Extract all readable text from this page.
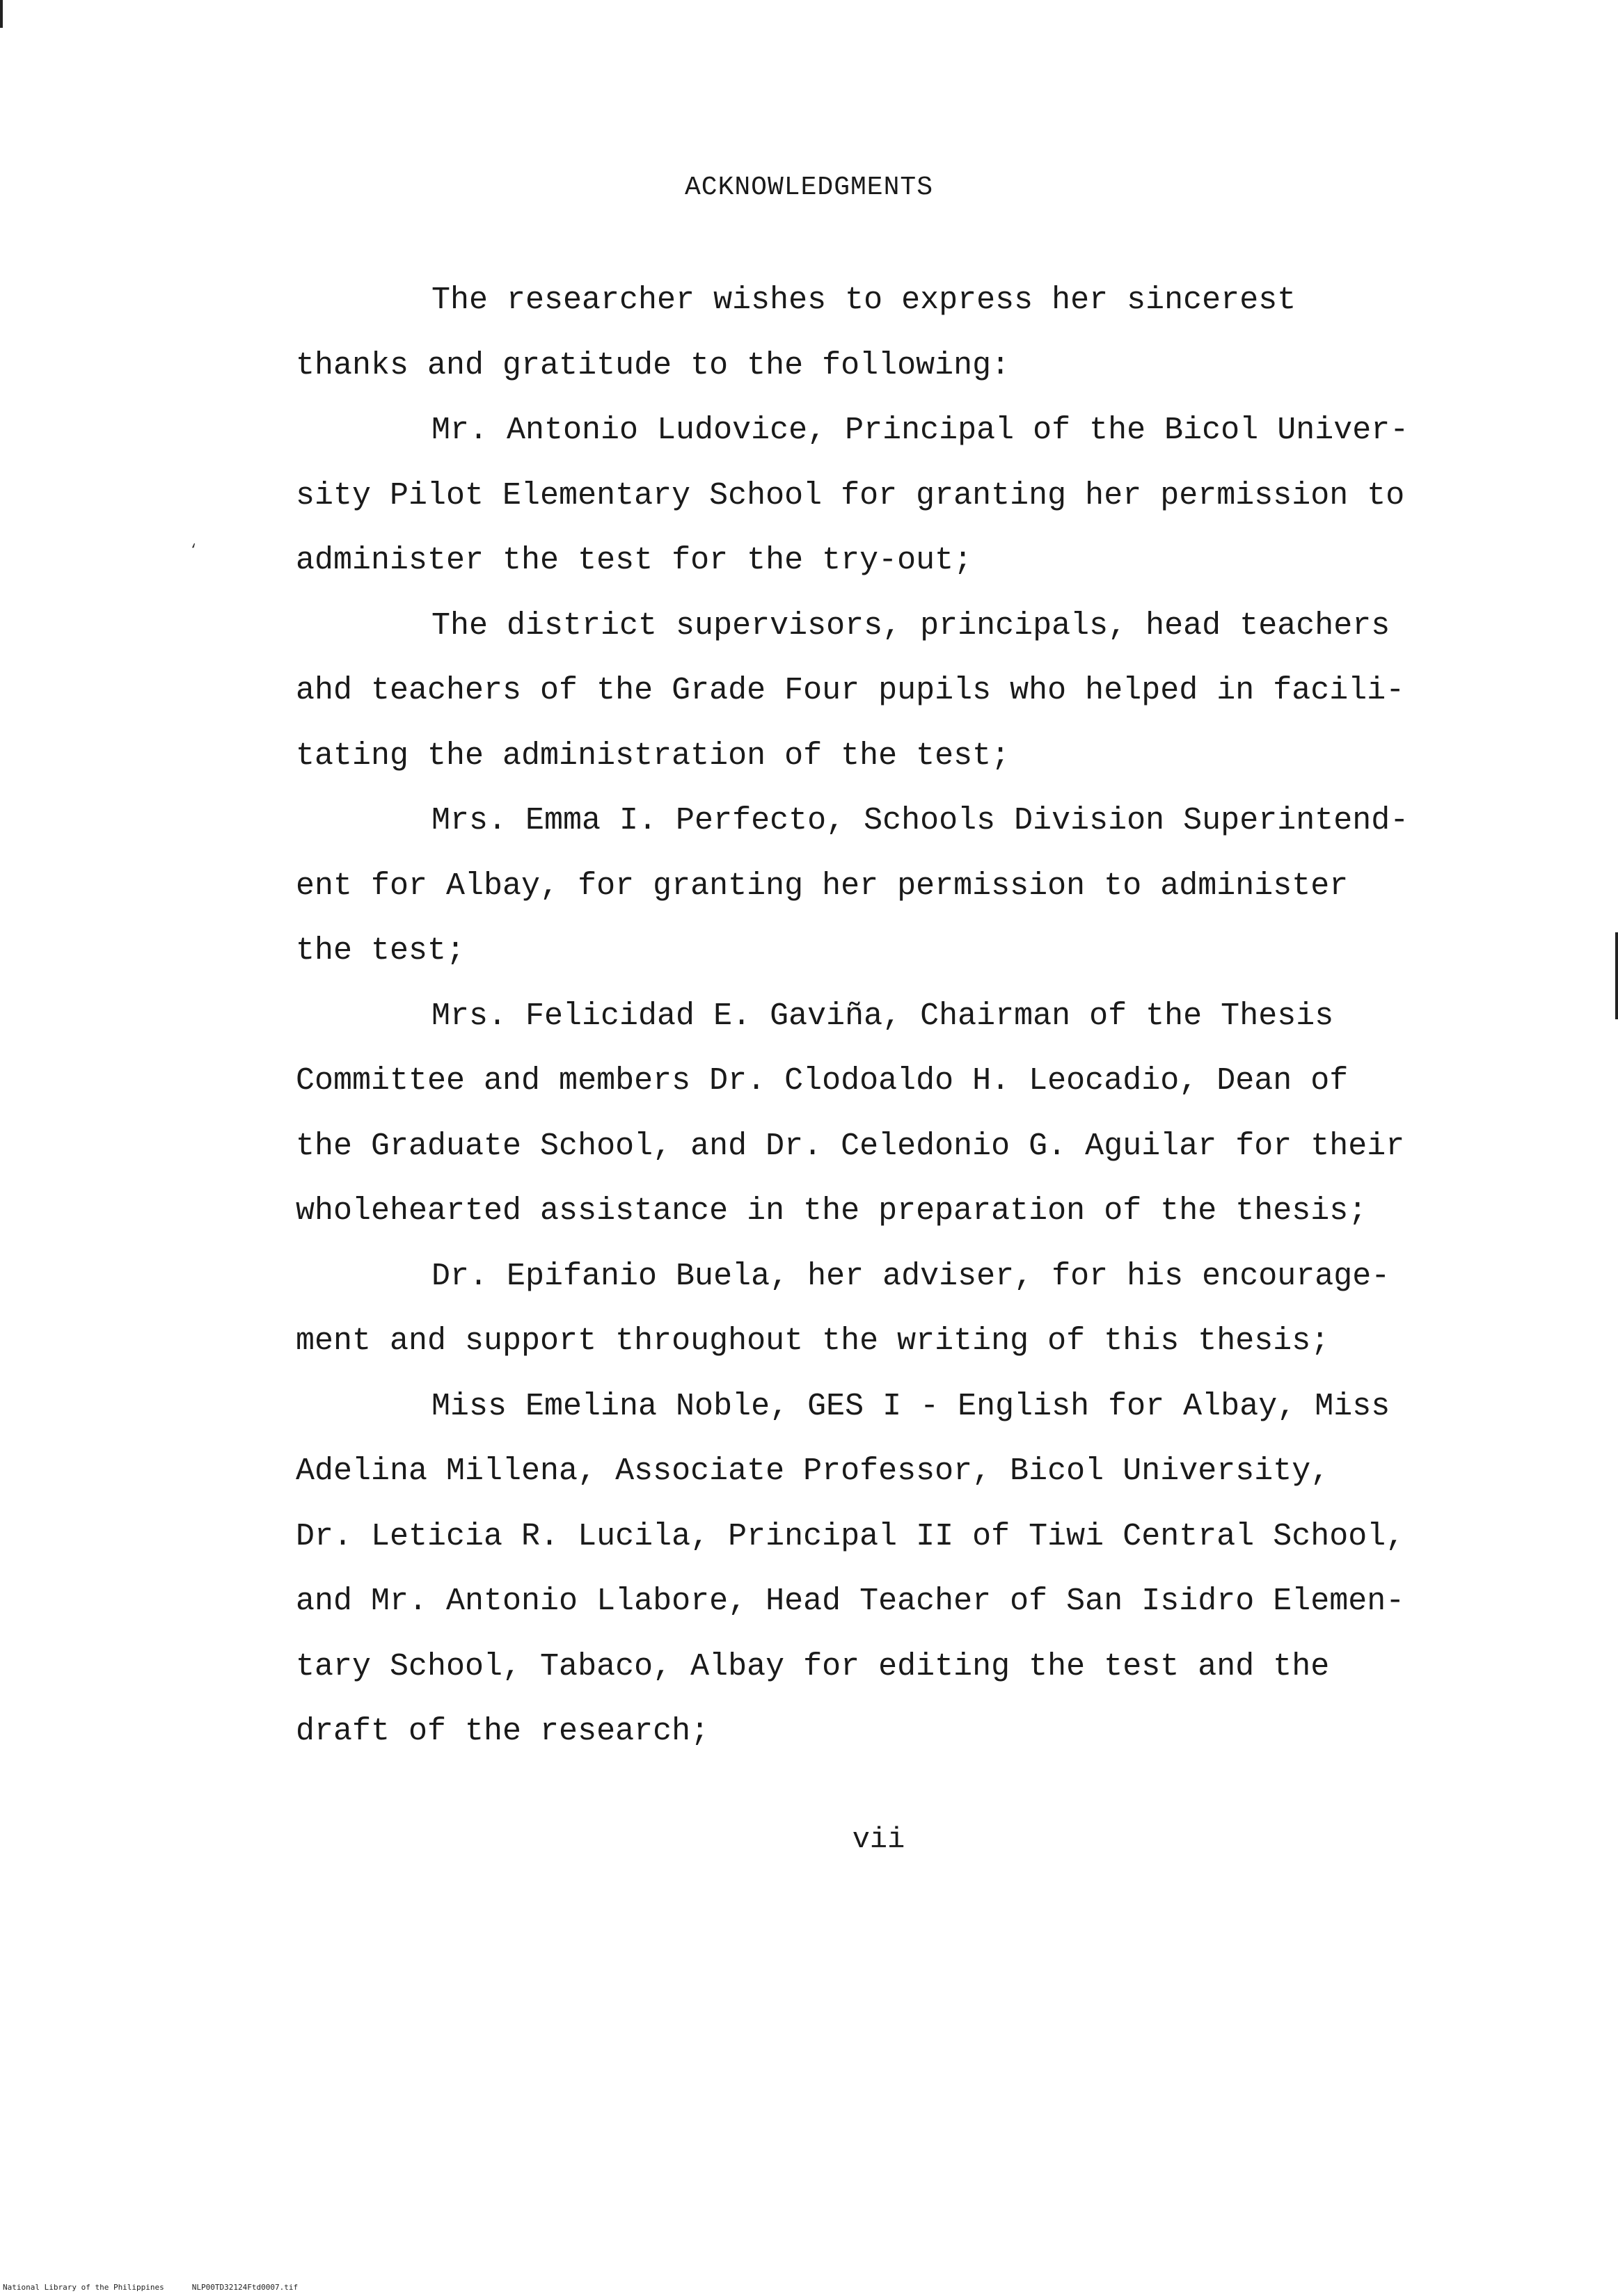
ACKNOWLEDGMENTS
‘
The researcher wishes to express her sincerest
thanks and gratitude to the following:
Mr. Antonio Ludovice, Principal of the Bicol Univer-
sity Pilot Elementary School for granting her permission to
administer the test for the try-out;
The district supervisors, principals, head teachers
ahd teachers of the Grade Four pupils who helped in facili-
tating the administration of the test;
Mrs. Emma I. Perfecto, Schools Division Superintend-
ent for Albay, for granting her permission to administer
the test;
Mrs. Felicidad E. Gaviña, Chairman of the Thesis
Committee and members Dr. Clodoaldo H. Leocadio, Dean of
the Graduate School, and Dr. Celedonio G. Aguilar for their
wholehearted assistance in the preparation of the thesis;
Dr. Epifanio Buela, her adviser, for his encourage-
ment and support throughout the writing of this thesis;
Miss Emelina Noble, GES I - English for Albay, Miss
Adelina Millena, Associate Professor, Bicol University,
Dr. Leticia R. Lucila, Principal II of Tiwi Central School,
and Mr. Antonio Llabore, Head Teacher of San Isidro Elemen-
tary School, Tabaco, Albay for editing the test and the
draft of the research;
vii
National Library of the Philippines	NLP00TD32124Ftd0007.tif
